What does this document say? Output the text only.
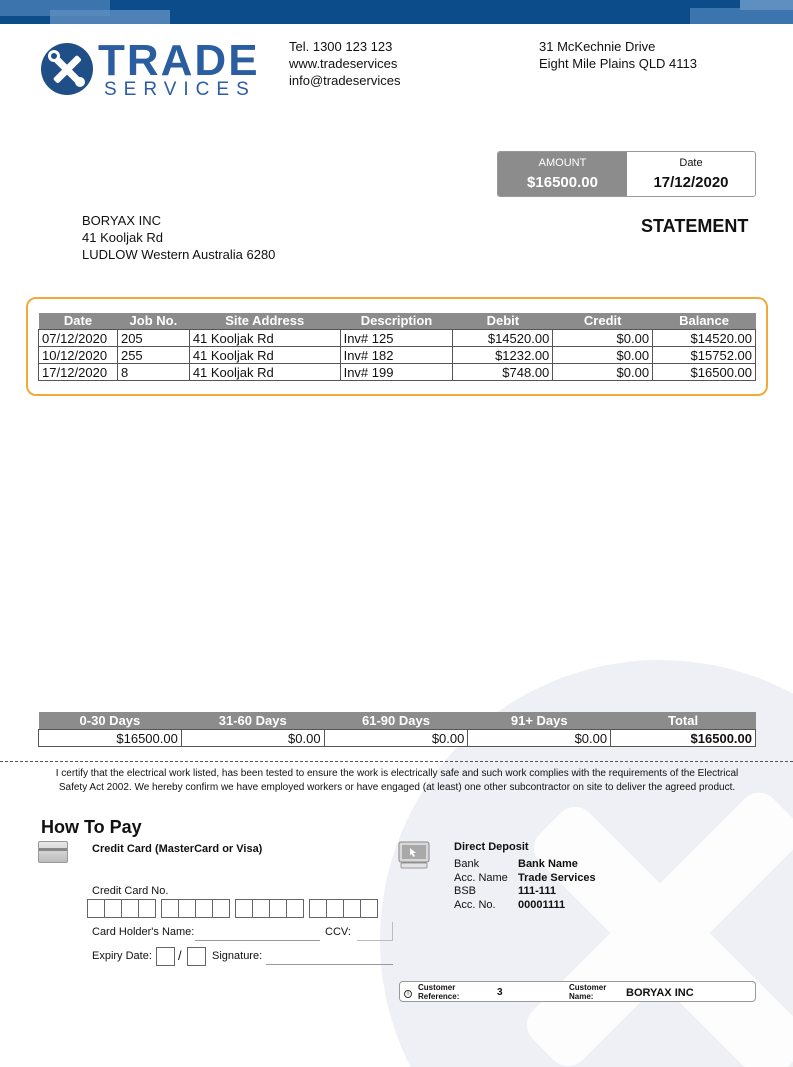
TRADE
SERVICES
Tel. 1300 123 123
www.tradeservices
info@tradeservices
31 McKechnie Drive
Eight Mile Plains QLD 4113
AMOUNT
$16500.00
Date
17/12/2020
BORYAX INC
41 Kooljak Rd
LUDLOW Western Australia 6280
STATEMENT
Date	Job No.	Site Address	Description	Debit	Credit	Balance
07/12/2020	205	41 Kooljak Rd	Inv# 125	$14520.00	$0.00	$14520.00
10/12/2020	255	41 Kooljak Rd	Inv# 182	$1232.00	$0.00	$15752.00
17/12/2020	8	41 Kooljak Rd	Inv# 199	$748.00	$0.00	$16500.00
0-30 Days	31-60 Days	61-90 Days	91+ Days	Total
$16500.00	$0.00	$0.00	$0.00	$16500.00
I certify that the electrical work listed, has been tested to ensure the work is electrically safe and such work complies with the requirements of the Electrical Safety Act 2002. We hereby confirm we have employed workers or have engaged (at least) one other subcontractor on site to deliver the agreed product.
How To Pay
Credit Card (MasterCard or Visa)
Credit Card No.
Card Holder's Name:	CCV:
Expiry Date: /	Signature:
Direct Deposit
Bank	Bank Name
Acc. Name Trade Services
BSB	111-111
Acc. No.	00001111
i
Customer
Reference:	3	Customer
Name:	BORYAX INC
